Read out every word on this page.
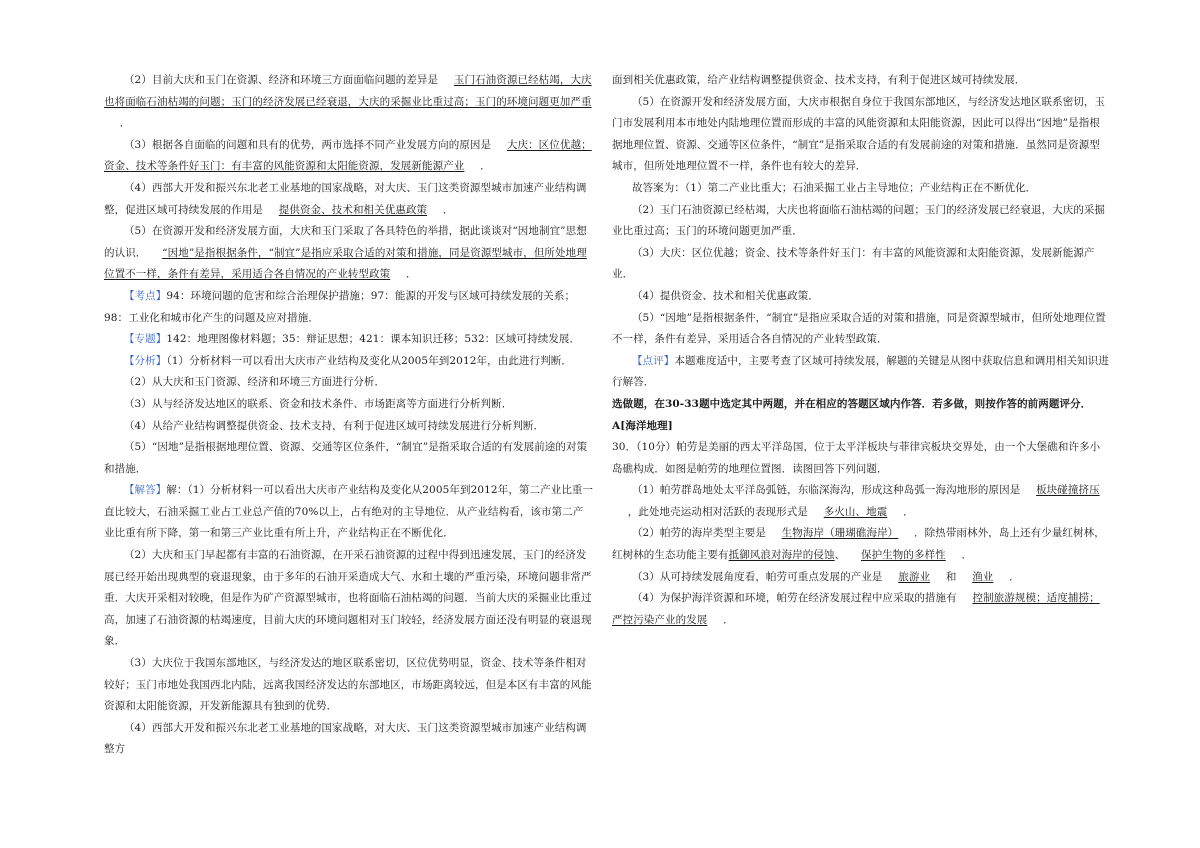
（2）目前大庆和玉门在资源、经济和环境三方面面临问题的差异是 玉门石油资源已经枯竭，大庆也将面临石油枯竭的问题；玉门的经济发展已经衰退，大庆的采掘业比重过高；玉门的环境问题更加严重．

（3）根据各自面临的问题和具有的优势，两市选择不同产业发展方向的原因是 大庆：区位优越；资金、技术等条件好玉门：有丰富的风能资源和太阳能资源，发展新能源产业 ．

（4）西部大开发和振兴东北老工业基地的国家战略，对大庆、玉门这类资源型城市加速产业结构调整，促进区域可持续发展的作用是 提供资金、技术和相关优惠政策 ．

（5）在资源开发和经济发展方面，大庆和玉门采取了各具特色的举措，据此谈谈对“因地制宜”思想的认识． “因地”是指根据条件，“制宜”是指应采取合适的对策和措施，同是资源型城市，但所处地理位置不一样，条件有差异，采用适合各自情况的产业转型政策 ．

【考点】94：环境问题的危害和综合治理保护措施；97：能源的开发与区域可持续发展的关系；98：工业化和城市化产生的问题及应对措施．

【专题】142：地理图像材料题；35：辩证思想；421：课本知识迁移；532：区域可持续发展．

【分析】（1）分析材料一可以看出大庆市产业结构及变化从2005年到2012年，由此进行判断．

（2）从大庆和玉门资源、经济和环境三方面进行分析．

（3）从与经济发达地区的联系、资金和技术条件、市场距离等方面进行分析判断．

（4）从给产业结构调整提供资金、技术支持，有利于促进区域可持续发展进行分析判断．

（5）“因地”是指根据地理位置、资源、交通等区位条件，“制宜”是指采取合适的有发展前途的对策和措施．

【解答】解：（1）分析材料一可以看出大庆市产业结构及变化从2005年到2012年，第二产业比重一直比较大，石油采掘工业占工业总产值的70%以上，占有绝对的主导地位．从产业结构看，该市第二产业比重有所下降，第一和第三产业比重有所上升，产业结构正在不断优化．

（2）大庆和玉门早起都有丰富的石油资源，在开采石油资源的过程中得到迅速发展，玉门的经济发展已经开始出现典型的衰退现象，由于多年的石油开采造成大气、水和土壤的严重污染，环境问题非常严重．大庆开采相对较晚，但是作为矿产资源型城市，也将面临石油枯竭的问题．当前大庆的采掘业比重过高，加速了石油资源的枯竭速度，目前大庆的环境问题相对玉门较轻，经济发展方面还没有明显的衰退现象．

（3）大庆位于我国东部地区，与经济发达的地区联系密切，区位优势明显，资金、技术等条件相对较好；玉门市地处我国西北内陆，远离我国经济发达的东部地区，市场距离较远，但是本区有丰富的风能资源和太阳能资源，开发新能源具有独到的优势．

（4）西部大开发和振兴东北老工业基地的国家战略，对大庆、玉门这类资源型城市加速产业结构调整方

面到相关优惠政策，给产业结构调整提供资金、技术支持，有利于促进区域可持续发展．

（5）在资源开发和经济发展方面，大庆市根据自身位于我国东部地区，与经济发达地区联系密切，玉门市发展利用本市地处内陆地理位置而形成的丰富的风能资源和太阳能资源，因此可以得出“因地”是指根据地理位置、资源、交通等区位条件，“制宜”是指采取合适的有发展前途的对策和措施．虽然同是资源型城市，但所处地理位置不一样，条件也有较大的差异．

故答案为：（1）第二产业比重大；石油采掘工业占主导地位；产业结构正在不断优化．

（2）玉门石油资源已经枯竭，大庆也将面临石油枯竭的问题；玉门的经济发展已经衰退，大庆的采掘业比重过高；玉门的环境问题更加严重．

（3）大庆：区位优越；资金、技术等条件好玉门：有丰富的风能资源和太阳能资源，发展新能源产业．

（4）提供资金、技术和相关优惠政策．

（5）“因地”是指根据条件，“制宜”是指应采取合适的对策和措施，同是资源型城市，但所处地理位置不一样，条件有差异，采用适合各自情况的产业转型政策．

【点评】本题难度适中，主要考查了区域可持续发展，解题的关键是从图中获取信息和调用相关知识进行解答．

选做题，在30-33题中选定其中两题，并在相应的答题区域内作答．若多做，则按作答的前两题评分．A[海洋地理]

30．（10分）帕劳是美丽的西太平洋岛国，位于太平洋板块与菲律宾板块交界处，由一个大堡礁和许多小岛礁构成．如图是帕劳的地理位置图．读图回答下列问题．

（1）帕劳群岛地处太平洋岛弧链，东临深海沟，形成这种岛弧一海沟地形的原因是 板块碰撞挤压，此处地壳运动相对活跃的表现形式是 多火山、地震 ．

（2）帕劳的海岸类型主要是 生物海岸（珊瑚礁海岸） ．除热带雨林外，岛上还有少量红树林，红树林的生态功能主要有抵御风浪对海岸的侵蚀、 保护生物的多样性 ．

（3）从可持续发展角度看，帕劳可重点发展的产业是 旅游业 和 渔业 ．

（4）为保护海洋资源和环境，帕劳在经济发展过程中应采取的措施有 控制旅游规模；适度捕捞；严控污染产业的发展 ．
